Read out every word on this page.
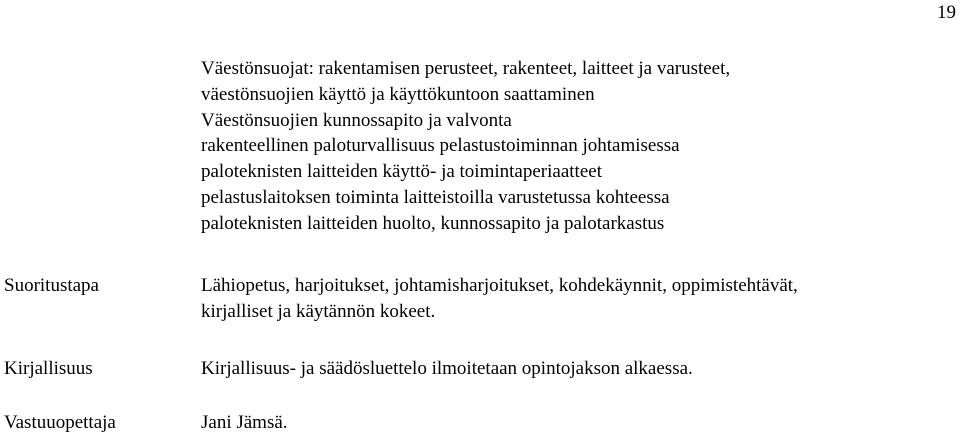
19
Väestönsuojat: rakentamisen perusteet, rakenteet, laitteet ja varusteet,
väestönsuojien käyttö ja käyttökuntoon saattaminen
Väestönsuojien kunnossapito ja valvonta
rakenteellinen paloturvallisuus pelastustoiminnan johtamisessa
paloteknisten laitteiden käyttö- ja toimintaperiaatteet
pelastuslaitoksen toiminta laitteistoilla varustetussa kohteessa
paloteknisten laitteiden huolto, kunnossapito ja palotarkastus
Suoritustapa	Lähiopetus, harjoitukset, johtamisharjoitukset, kohdekäynnit, oppimistehtävät,
kirjalliset ja käytännön kokeet.
Kirjallisuus	Kirjallisuus- ja säädösluettelo ilmoitetaan opintojakson alkaessa.
Vastuuopettaja	Jani Jämsä.
